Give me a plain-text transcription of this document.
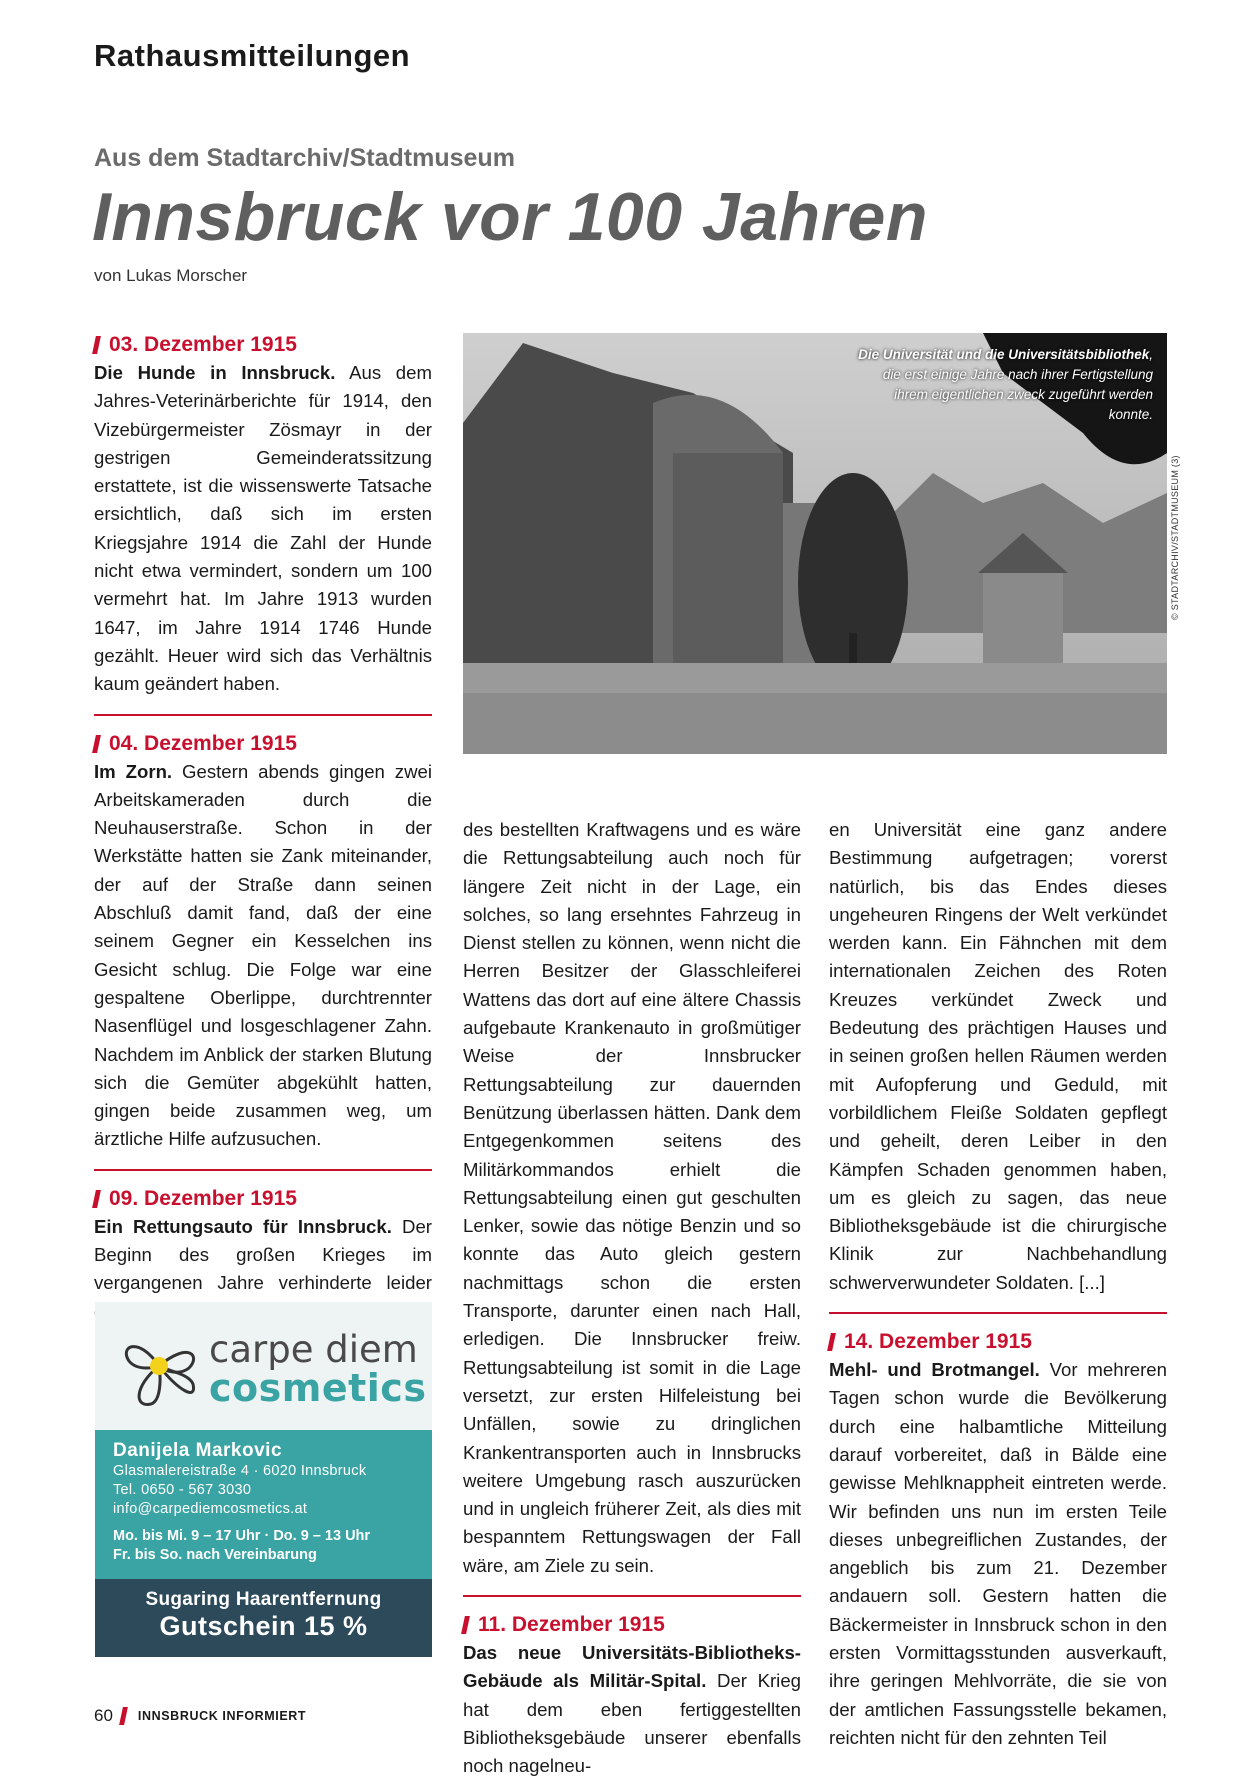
Rathausmitteilungen
Aus dem Stadtarchiv/Stadtmuseum
Innsbruck vor 100 Jahren
von Lukas Morscher
03. Dezember 1915

Die Hunde in Innsbruck. Aus dem Jahres-Veterinärberichte für 1914, den Vizebürgermeister Zösmayr in der gestrigen Gemeinderatssitzung erstattete, ist die wissenswerte Tatsache ersichtlich, daß sich im ersten Kriegsjahre 1914 die Zahl der Hunde nicht etwa vermindert, sondern um 100 vermehrt hat. Im Jahre 1913 wurden 1647, im Jahre 1914 1746 Hunde gezählt. Heuer wird sich das Verhältnis kaum geändert haben.

04. Dezember 1915

Im Zorn. Gestern abends gingen zwei Arbeitskameraden durch die Neuhauserstraße. Schon in der Werkstätte hatten sie Zank miteinander, der auf der Straße dann seinen Abschluß damit fand, daß der eine seinem Gegner ein Kesselchen ins Gesicht schlug. Die Folge war eine gespaltene Oberlippe, durchtrennter Nasenflügel und losgeschlagener Zahn. Nachdem im Anblick der starken Blutung sich die Gemüter abgekühlt hatten, gingen beide zusammen weg, um ärztliche Hilfe aufzusuchen.

09. Dezember 1915

Ein Rettungsauto für Innsbruck. Der Beginn des großen Krieges im vergangenen Jahre verhinderte leider

Die Universität und die Universitätsbibliothek, die erst einige Jahre nach ihrer Fertigstellung ihrem eigentlichen zweck zugeführt werden konnte.
© STADTARCHIV/STADTMUSEUM (3)

des bestellten Kraftwagens und es wäre die Rettungsabteilung auch noch für längere Zeit nicht in der Lage, ein solches, so lang ersehntes Fahrzeug in Dienst stellen zu können, wenn nicht die Herren Besitzer der Glasschleiferei Wattens das dort auf eine ältere Chassis aufgebaute Krankenauto in großmütiger Weise der Innsbrucker Rettungsabteilung zur dauernden Benützung überlassen hätten. Dank dem Entgegenkommen seitens des Militärkommandos erhielt die Rettungsabteilung einen gut geschulten Lenker, sowie das nötige Benzin und so konnte das Auto gleich gestern nachmittags schon die ersten Transporte, darunter einen nach Hall, erledigen. Die Innsbrucker freiw. Rettungsabteilung ist somit in die Lage versetzt, zur ersten Hilfeleistung bei Unfällen, sowie zu dringlichen Krankentransporten auch in Innsbrucks weitere Umgebung rasch auszurücken und in ungleich früherer Zeit, als dies mit bespanntem Rettungswagen der Fall wäre, am Ziele zu sein.

11. Dezember 1915

Das neue Universitäts-Bibliotheks-Gebäude als Militär-Spital. Der Krieg hat dem eben fertiggestellten Bibliotheksgebäude unserer ebenfalls noch nagelneu-

en Universität eine ganz andere Bestimmung aufgetragen; vorerst natürlich, bis das Endes dieses ungeheuren Ringens der Welt verkündet werden kann. Ein Fähnchen mit dem internationalen Zeichen des Roten Kreuzes verkündet Zweck und Bedeutung des prächtigen Hauses und in seinen großen hellen Räumen werden mit Aufopferung und Geduld, mit vorbildlichem Fleiße Soldaten gepflegt und geheilt, deren Leiber in den Kämpfen Schaden genommen haben, um es gleich zu sagen, das neue Bibliotheksgebäude ist die chirurgische Klinik zur Nachbehandlung schwerverwundeter Soldaten. [...]

14. Dezember 1915

Mehl- und Brotmangel. Vor mehreren Tagen schon wurde die Bevölkerung durch eine halbamtliche Mitteilung darauf vorbereitet, daß in Bälde eine gewisse Mehlknappheit eintreten werde. Wir befinden uns nun im ersten Teile dieses unbegreiflichen Zustandes, der angeblich bis zum 21. Dezember andauern soll. Gestern hatten die Bäckermeister in Innsbruck schon in den ersten Vormittagsstunden ausverkauft, ihre geringen Mehlvorräte, die sie von der amtlichen Fassungsstelle bekamen, reichten nicht für den zehnten Teil

carpe diem
cosmetics
Danijela Markovic
Glasmalereistraße 4 · 6020 Innsbruck
Tel. 0650 - 567 3030
info@carpediemcosmetics.at
Mo. bis Mi. 9 – 17 Uhr · Do. 9 – 13 Uhr
Fr. bis So. nach Vereinbarung
Sugaring Haarentfernung
Gutschein 15 %
60 INNSBRUCK INFORMIERT
